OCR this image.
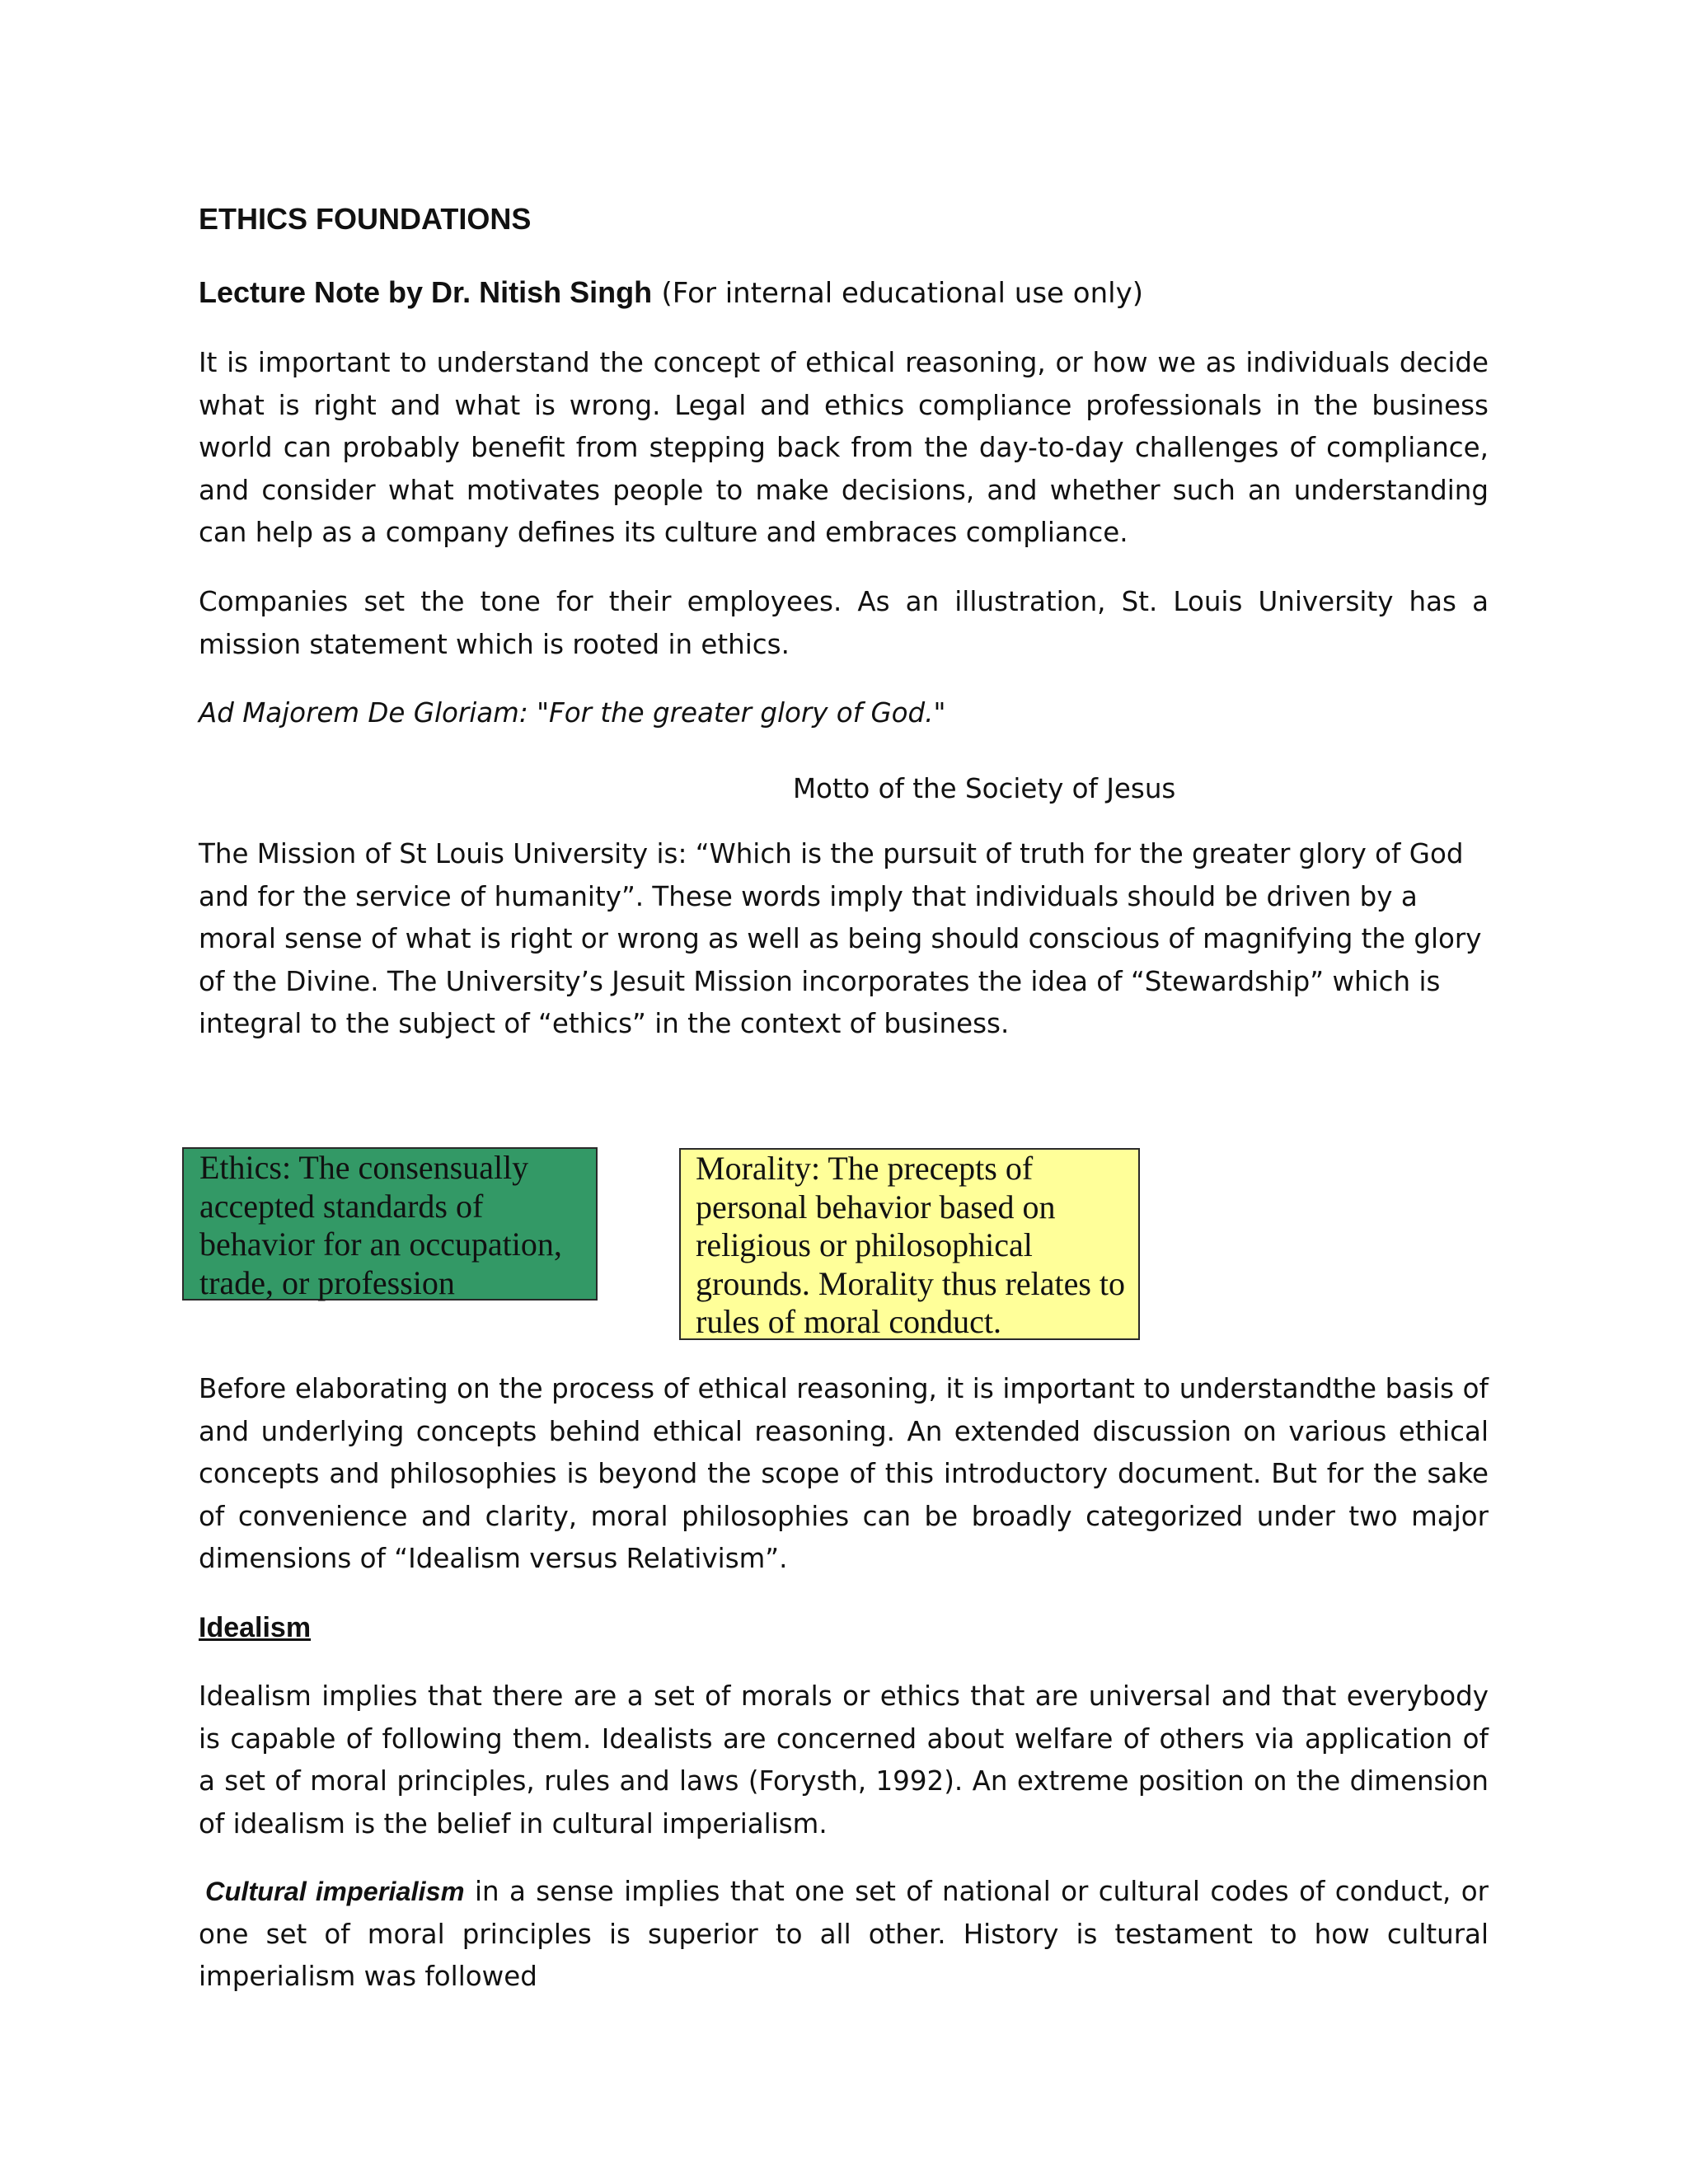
ETHICS FOUNDATIONS

Lecture Note by Dr. Nitish Singh (For internal educational use only)

It is important to understand the concept of ethical reasoning, or how we as individuals decide what is right and what is wrong. Legal and ethics compliance professionals in the business world can probably benefit from stepping back from the day-to-day challenges of compliance, and consider what motivates people to make decisions, and whether such an understanding can help as a company defines its culture and embraces compliance.

Companies set the tone for their employees. As an illustration, St. Louis University has a mission statement which is rooted in ethics.

Ad Majorem De Gloriam: "For the greater glory of God."

Motto of the Society of Jesus

The Mission of St Louis University is: “Which is the pursuit of truth for the greater glory of God and for the service of humanity”. These words imply that individuals should be driven by a moral sense of what is right or wrong as well as being should conscious of magnifying the glory of the Divine. The University’s Jesuit Mission incorporates the idea of “Stewardship” which is integral to the subject of “ethics” in the context of business.

Ethics: The consensually accepted standards of behavior for an occupation, trade, or profession

Morality: The precepts of personal behavior based on religious or philosophical grounds. Morality thus relates to rules of moral conduct.

Before elaborating on the process of ethical reasoning, it is important to understandthe basis of and underlying concepts behind ethical reasoning. An extended discussion on various ethical concepts and philosophies is beyond the scope of this introductory document. But for the sake of convenience and clarity, moral philosophies can be broadly categorized under two major dimensions of “Idealism versus Relativism”.

Idealism

Idealism implies that there are a set of morals or ethics that are universal and that everybody is capable of following them. Idealists are concerned about welfare of others via application of a set of moral principles, rules and laws (Forysth, 1992). An extreme position on the dimension of idealism is the belief in cultural imperialism.

Cultural imperialism in a sense implies that one set of national or cultural codes of conduct, or one set of moral principles is superior to all other. History is testament to how cultural imperialism was followed
